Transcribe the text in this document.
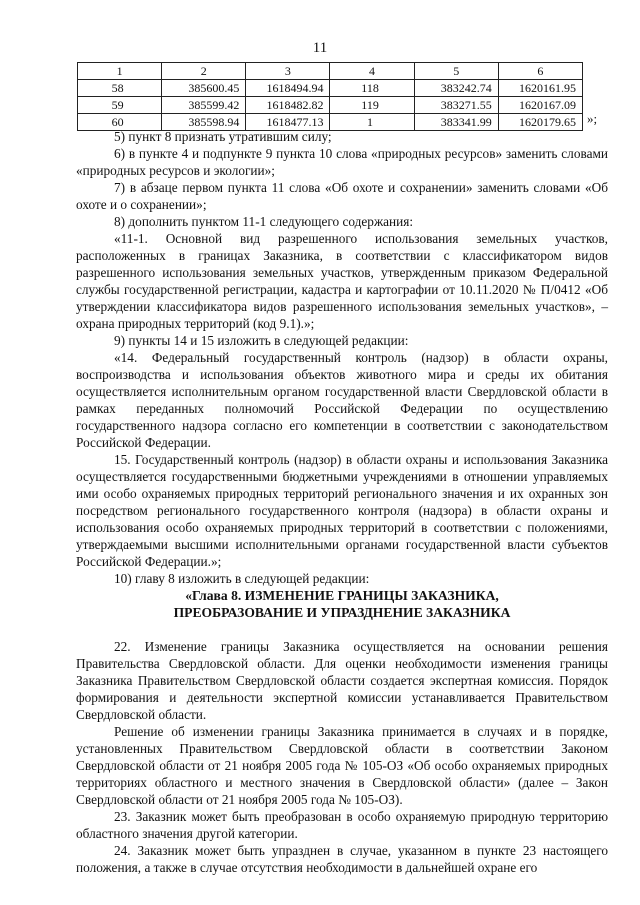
11
1	2	3	4	5	6
58	385600.45	1618494.94	118	383242.74	1620161.95
59	385599.42	1618482.82	119	383271.55	1620167.09
60	385598.94	1618477.13	1	383341.99	1620179.65 »;

5) пункт 8 признать утратившим силу;

6) в пункте 4 и подпункте 9 пункта 10 слова «природных ресурсов» заменить словами «природных ресурсов и экологии»;

7) в абзаце первом пункта 11 слова «Об охоте и сохранении» заменить словами «Об охоте и о сохранении»;

8) дополнить пунктом 11-1 следующего содержания:

«11-1. Основной вид разрешенного использования земельных участков, расположенных в границах Заказника, в соответствии с классификатором видов разрешенного использования земельных участков, утвержденным приказом Федеральной службы государственной регистрации, кадастра и картографии от 10.11.2020 № П/0412 «Об утверждении классификатора видов разрешенного использования земельных участков», – охрана природных территорий (код 9.1).»;

9) пункты 14 и 15 изложить в следующей редакции:

«14. Федеральный государственный контроль (надзор) в области охраны, воспроизводства и использования объектов животного мира и среды их обитания осуществляется исполнительным органом государственной власти Свердловской области в рамках переданных полномочий Российской Федерации по осуществлению государственного надзора согласно его компетенции в соответствии с законодательством Российской Федерации.

15. Государственный контроль (надзор) в области охраны и использования Заказника осуществляется государственными бюджетными учреждениями в отношении управляемых ими особо охраняемых природных территорий регионального значения и их охранных зон посредством регионального государственного контроля (надзора) в области охраны и использования особо охраняемых природных территорий в соответствии с положениями, утверждаемыми высшими исполнительными органами государственной власти субъектов Российской Федерации.»;

10) главу 8 изложить в следующей редакции:

«Глава 8. ИЗМЕНЕНИЕ ГРАНИЦЫ ЗАКАЗНИКА,

ПРЕОБРАЗОВАНИЕ И УПРАЗДНЕНИЕ ЗАКАЗНИКА

22. Изменение границы Заказника осуществляется на основании решения Правительства Свердловской области. Для оценки необходимости изменения границы Заказника Правительством Свердловской области создается экспертная комиссия. Порядок формирования и деятельности экспертной комиссии устанавливается Правительством Свердловской области.

Решение об изменении границы Заказника принимается в случаях и в порядке, установленных Правительством Свердловской области в соответствии Законом Свердловской области от 21 ноября 2005 года № 105-ОЗ «Об особо охраняемых природных территориях областного и местного значения в Свердловской области» (далее – Закон Свердловской области от 21 ноября 2005 года № 105-ОЗ).

23. Заказник может быть преобразован в особо охраняемую природную территорию областного значения другой категории.

24. Заказник может быть упразднен в случае, указанном в пункте 23 настоящего положения, а также в случае отсутствия необходимости в дальнейшей охране его
